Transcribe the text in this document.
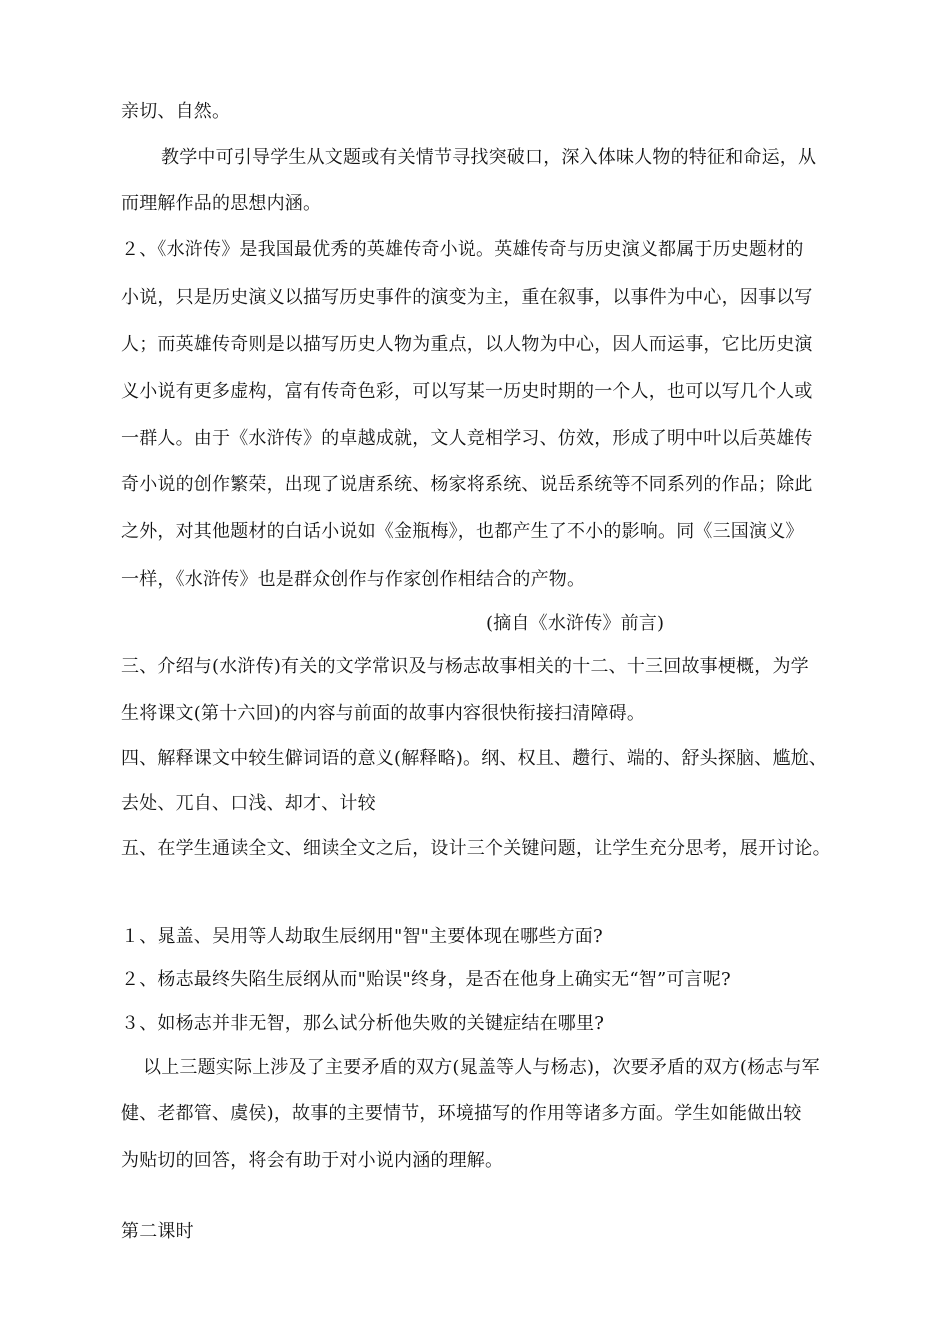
亲切、自然。
教学中可引导学生从文题或有关情节寻找突破口，深入体味人物的特征和命运，从
而理解作品的思想内涵。
２、《水浒传》是我国最优秀的英雄传奇小说。英雄传奇与历史演义都属于历史题材的
小说，只是历史演义以描写历史事件的演变为主，重在叙事，以事件为中心，因事以写
人；而英雄传奇则是以描写历史人物为重点，以人物为中心，因人而运事，它比历史演
义小说有更多虚构，富有传奇色彩，可以写某一历史时期的一个人，也可以写几个人或
一群人。由于《水浒传》的卓越成就，文人竞相学习、仿效，形成了明中叶以后英雄传
奇小说的创作繁荣，出现了说唐系统、杨家将系统、说岳系统等不同系列的作品；除此
之外，对其他题材的白话小说如《金瓶梅》，也都产生了不小的影响。同《三国演义》
一样，《水浒传》也是群众创作与作家创作相结合的产物。
(摘自《水浒传》前言)
三、介绍与(水浒传)有关的文学常识及与杨志故事相关的十二、十三回故事梗概，为学
生将课文(第十六回)的内容与前面的故事内容很快衔接扫清障碍。
四、解释课文中较生僻词语的意义(解释略)。纲、权且、趱行、端的、舒头探脑、尴尬、
去处、兀自、口浅、却才、计较
五、在学生通读全文、细读全文之后，设计三个关键问题，让学生充分思考，展开讨论。
１、晁盖、吴用等人劫取生辰纲用"智"主要体现在哪些方面?
２、杨志最终失陷生辰纲从而"贻误"终身，是否在他身上确实无“智”可言呢?
３、如杨志并非无智，那么试分析他失败的关键症结在哪里?
以上三题实际上涉及了主要矛盾的双方(晁盖等人与杨志)，次要矛盾的双方(杨志与军
健、老都管、虞侯)，故事的主要情节，环境描写的作用等诸多方面。学生如能做出较
为贴切的回答，将会有助于对小说内涵的理解。
第二课时
